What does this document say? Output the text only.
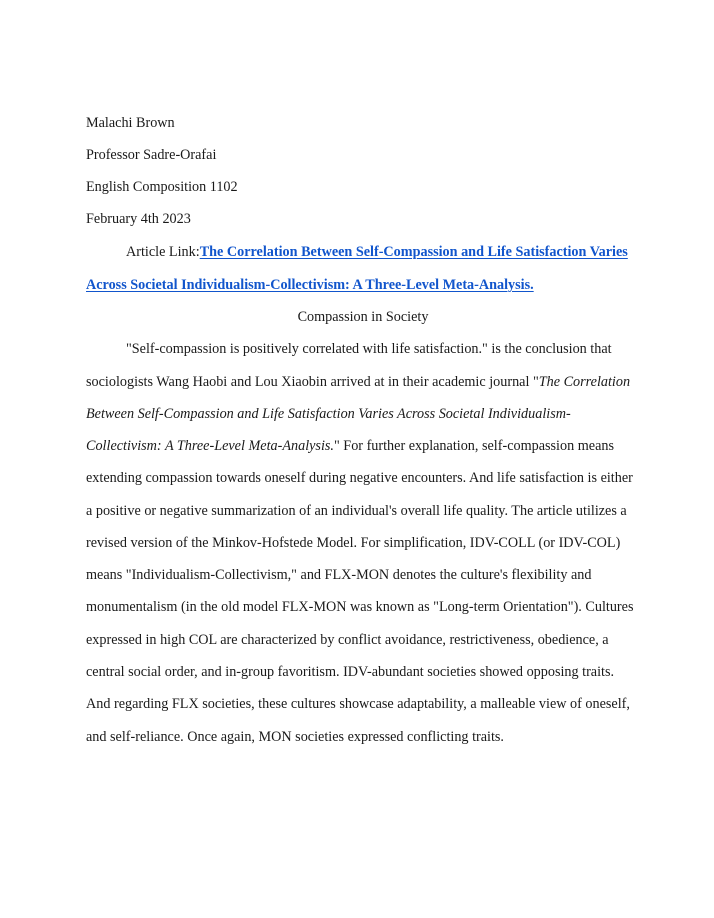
Malachi Brown
Professor Sadre-Orafai
English Composition 1102
February 4th 2023
Article Link:The Correlation Between Self-Compassion and Life Satisfaction Varies
Across Societal Individualism-Collectivism: A Three-Level Meta-Analysis.
Compassion in Society
"Self-compassion is positively correlated with life satisfaction." is the conclusion that
sociologists Wang Haobi and Lou Xiaobin arrived at in their academic journal "The Correlation
Between Self-Compassion and Life Satisfaction Varies Across Societal Individualism-
Collectivism: A Three-Level Meta-Analysis." For further explanation, self-compassion means
extending compassion towards oneself during negative encounters. And life satisfaction is either
a positive or negative summarization of an individual's overall life quality. The article utilizes a
revised version of the Minkov-Hofstede Model. For simplification, IDV-COLL (or IDV-COL)
means "Individualism-Collectivism," and FLX-MON denotes the culture's flexibility and
monumentalism (in the old model FLX-MON was known as "Long-term Orientation"). Cultures
expressed in high COL are characterized by conflict avoidance, restrictiveness, obedience, a
central social order, and in-group favoritism. IDV-abundant societies showed opposing traits.
And regarding FLX societies, these cultures showcase adaptability, a malleable view of oneself,
and self-reliance. Once again, MON societies expressed conflicting traits.
